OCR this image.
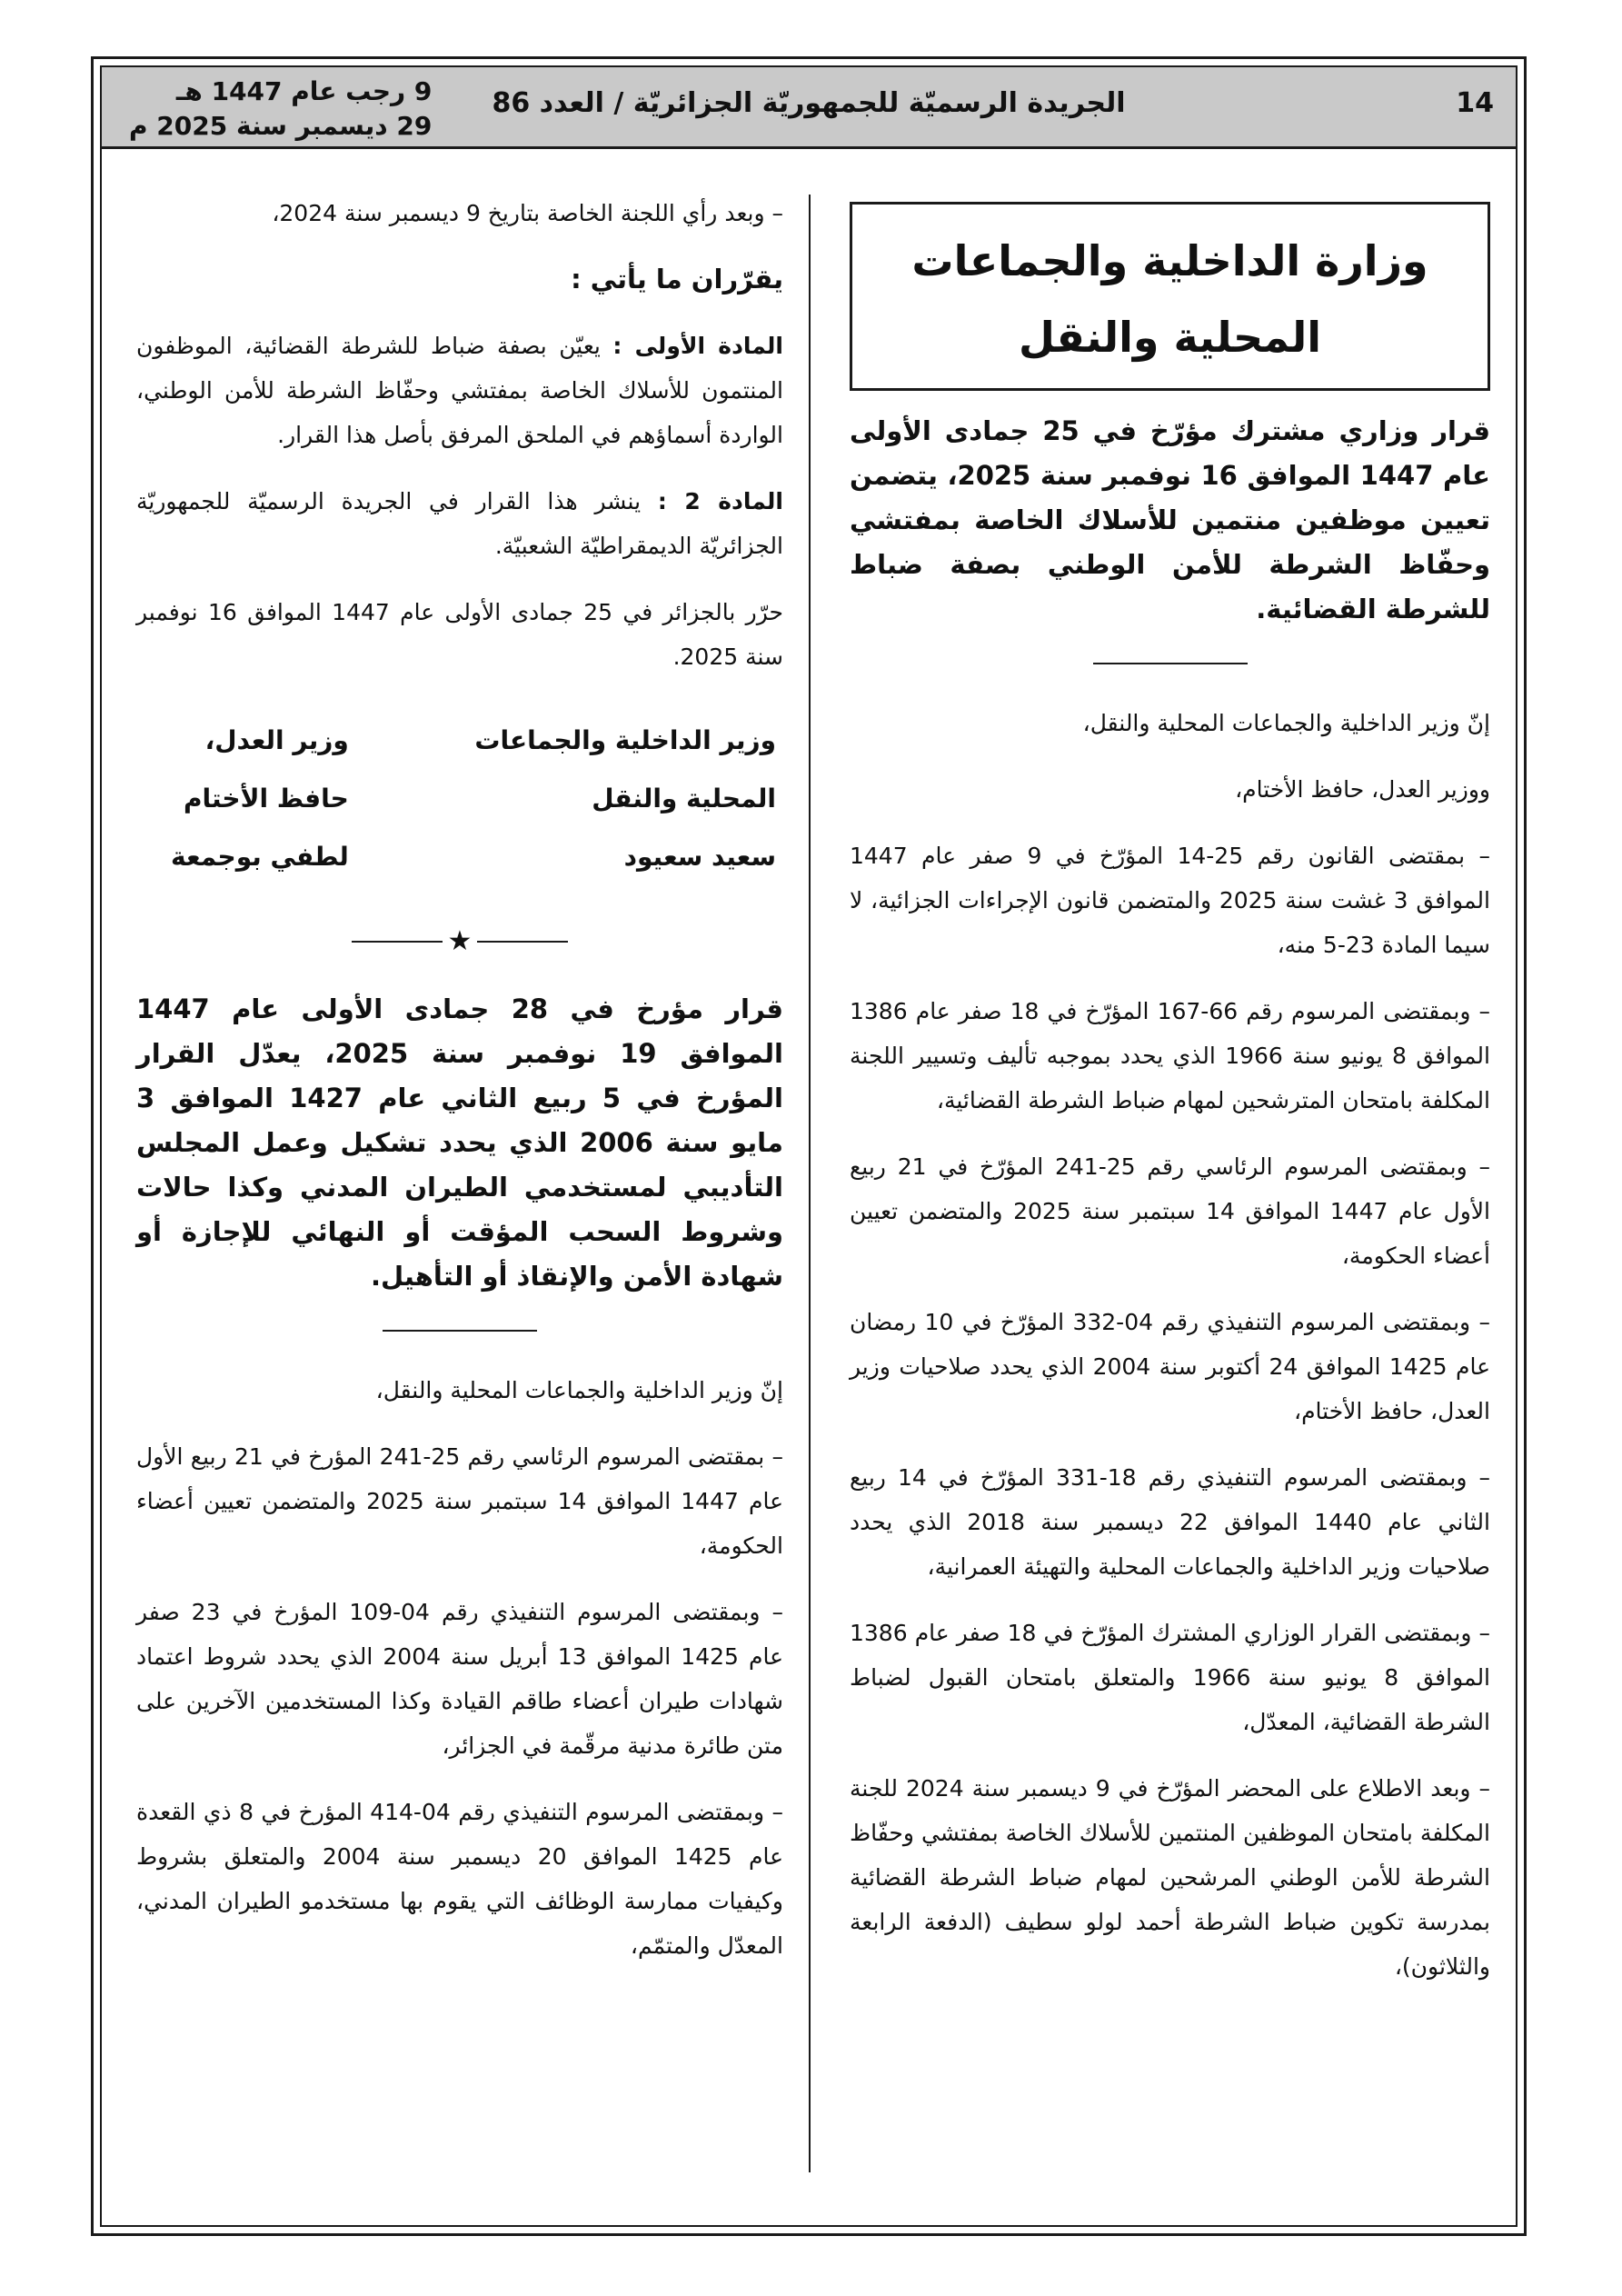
14
الجريدة الرسميّة للجمهوريّة الجزائريّة / العدد 86
9 رجب عام 1447 هـ
29 ديسمبر سنة 2025 م
وزارة الداخلية والجماعات
المحلية والنقل

قرار وزاري مشترك مؤرّخ في 25 جمادى الأولى عام 1447 الموافق 16 نوفمبر سنة 2025، يتضمن تعيين موظفين منتمين للأسلاك الخاصة بمفتشي وحفّاظ الشرطة للأمن الوطني بصفة ضباط للشرطة القضائية.

إنّ وزير الداخلية والجماعات المحلية والنقل،

ووزير العدل، حافظ الأختام،

– بمقتضى القانون رقم 25-14 المؤرّخ في 9 صفر عام 1447 الموافق 3 غشت سنة 2025 والمتضمن قانون الإجراءات الجزائية، لا سيما المادة 23-5 منه،

– وبمقتضى المرسوم رقم 66-167 المؤرّخ في 18 صفر عام 1386 الموافق 8 يونيو سنة 1966 الذي يحدد بموجبه تأليف وتسيير اللجنة المكلفة بامتحان المترشحين لمهام ضباط الشرطة القضائية،

– وبمقتضى المرسوم الرئاسي رقم 25-241 المؤرّخ في 21 ربيع الأول عام 1447 الموافق 14 سبتمبر سنة 2025 والمتضمن تعيين أعضاء الحكومة،

– وبمقتضى المرسوم التنفيذي رقم 04-332 المؤرّخ في 10 رمضان عام 1425 الموافق 24 أكتوبر سنة 2004 الذي يحدد صلاحيات وزير العدل، حافظ الأختام،

– وبمقتضى المرسوم التنفيذي رقم 18-331 المؤرّخ في 14 ربيع الثاني عام 1440 الموافق 22 ديسمبر سنة 2018 الذي يحدد صلاحيات وزير الداخلية والجماعات المحلية والتهيئة العمرانية،

– وبمقتضى القرار الوزاري المشترك المؤرّخ في 18 صفر عام 1386 الموافق 8 يونيو سنة 1966 والمتعلق بامتحان القبول لضباط الشرطة القضائية، المعدّل،

– وبعد الاطلاع على المحضر المؤرّخ في 9 ديسمبر سنة 2024 للجنة المكلفة بامتحان الموظفين المنتمين للأسلاك الخاصة بمفتشي وحفّاظ الشرطة للأمن الوطني المرشحين لمهام ضباط الشرطة القضائية بمدرسة تكوين ضباط الشرطة أحمد لولو سطيف (الدفعة الرابعة والثلاثون)،

– وبعد رأي اللجنة الخاصة بتاريخ 9 ديسمبر سنة 2024،

يقرّران ما يأتي :

المادة الأولى : يعيّن بصفة ضباط للشرطة القضائية، الموظفون المنتمون للأسلاك الخاصة بمفتشي وحفّاظ الشرطة للأمن الوطني، الواردة أسماؤهم في الملحق المرفق بأصل هذا القرار.

المادة 2 : ينشر هذا القرار في الجريدة الرسميّة للجمهوريّة الجزائريّة الديمقراطيّة الشعبيّة.

حرّر بالجزائر في 25 جمادى الأولى عام 1447 الموافق 16 نوفمبر سنة 2025.

وزير الداخلية والجماعات
المحلية والنقل
سعيد سعيود
وزير العدل،
حافظ الأختام
لطفي بوجمعة
★

قرار مؤرخ في 28 جمادى الأولى عام 1447 الموافق 19 نوفمبر سنة 2025، يعدّل القرار المؤرخ في 5 ربيع الثاني عام 1427 الموافق 3 مايو سنة 2006 الذي يحدد تشكيل وعمل المجلس التأديبي لمستخدمي الطيران المدني وكذا حالات وشروط السحب المؤقت أو النهائي للإجازة أو شهادة الأمن والإنقاذ أو التأهيل.

إنّ وزير الداخلية والجماعات المحلية والنقل،

– بمقتضى المرسوم الرئاسي رقم 25-241 المؤرخ في 21 ربيع الأول عام 1447 الموافق 14 سبتمبر سنة 2025 والمتضمن تعيين أعضاء الحكومة،

– وبمقتضى المرسوم التنفيذي رقم 04-109 المؤرخ في 23 صفر عام 1425 الموافق 13 أبريل سنة 2004 الذي يحدد شروط اعتماد شهادات طيران أعضاء طاقم القيادة وكذا المستخدمين الآخرين على متن طائرة مدنية مرقّمة في الجزائر،

– وبمقتضى المرسوم التنفيذي رقم 04-414 المؤرخ في 8 ذي القعدة عام 1425 الموافق 20 ديسمبر سنة 2004 والمتعلق بشروط وكيفيات ممارسة الوظائف التي يقوم بها مستخدمو الطيران المدني، المعدّل والمتمّم،
